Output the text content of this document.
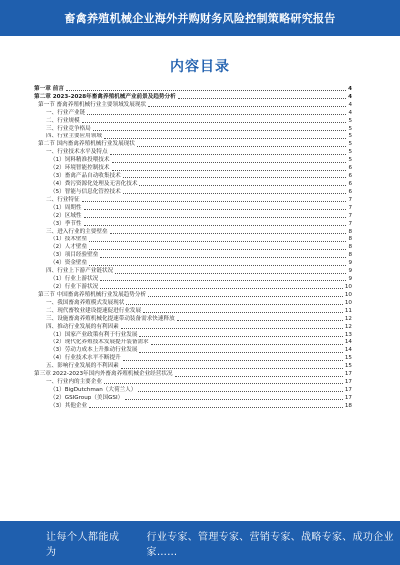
畜禽养殖机械企业海外并购财务风险控制策略研究报告
内容目录
第一章 前言	4
第二章 2023-2028年畜禽养殖机械产业前景及趋势分析	4
第一节 畜禽养殖机械行业主要领域发展现状	4
一、行业产业链	4
二、行业规模	5
三、行业竞争格局	5
四、行业主要应用领域	5
第二节 国内畜禽养殖机械行业发展现状	5
一、行业技术水平及特点	5
（1）饲料精准投喂技术	5
（2）环境智能控制技术	6
（3）畜禽产品自动收集技术	6
（4）粪污资源化处理及无害化技术	6
（5）智能与信息化管控技术	6
二、行业特征	7
（1）周期性	7
（2）区域性	7
（3）季节性	7
三、进入行业的主要壁垒	8
（1）技术壁垒	8
（2）人才壁垒	8
（3）项目经验壁垒	8
（4）资金壁垒	9
四、行业上下游产业链状况	9
（1）行业上游状况	9
（2）行业下游状况	10
第三节 中国畜禽养殖机械行业发展趋势分析	10
一、我国畜禽养殖模式发展现状	10
二、现代畜牧业建设提速促进行业发展	11
三、设施畜禽养殖机械化提速带动装备需求快速释放	12
四、推动行业发展的有利因素	12
（1）国家产业政策有利于行业发展	13
（2）现代化养殖技术发展提升装备需求	14
（3）劳动力成本上升推动行业发展	14
（4）行业技术水平不断提升	15
五、影响行业发展的不利因素	15
第三章 2022-2023年国内外畜禽养殖机械企业经营状况	17
一、行业内的主要企业	17
（1）BigDutchman（大荷兰人）	17
（2）GSIGroup（美国GSI）	17
（3）其他企业	18
让每个人都能成为
行业专家、管理专家、营销专家、战略专家、成功企业家……
